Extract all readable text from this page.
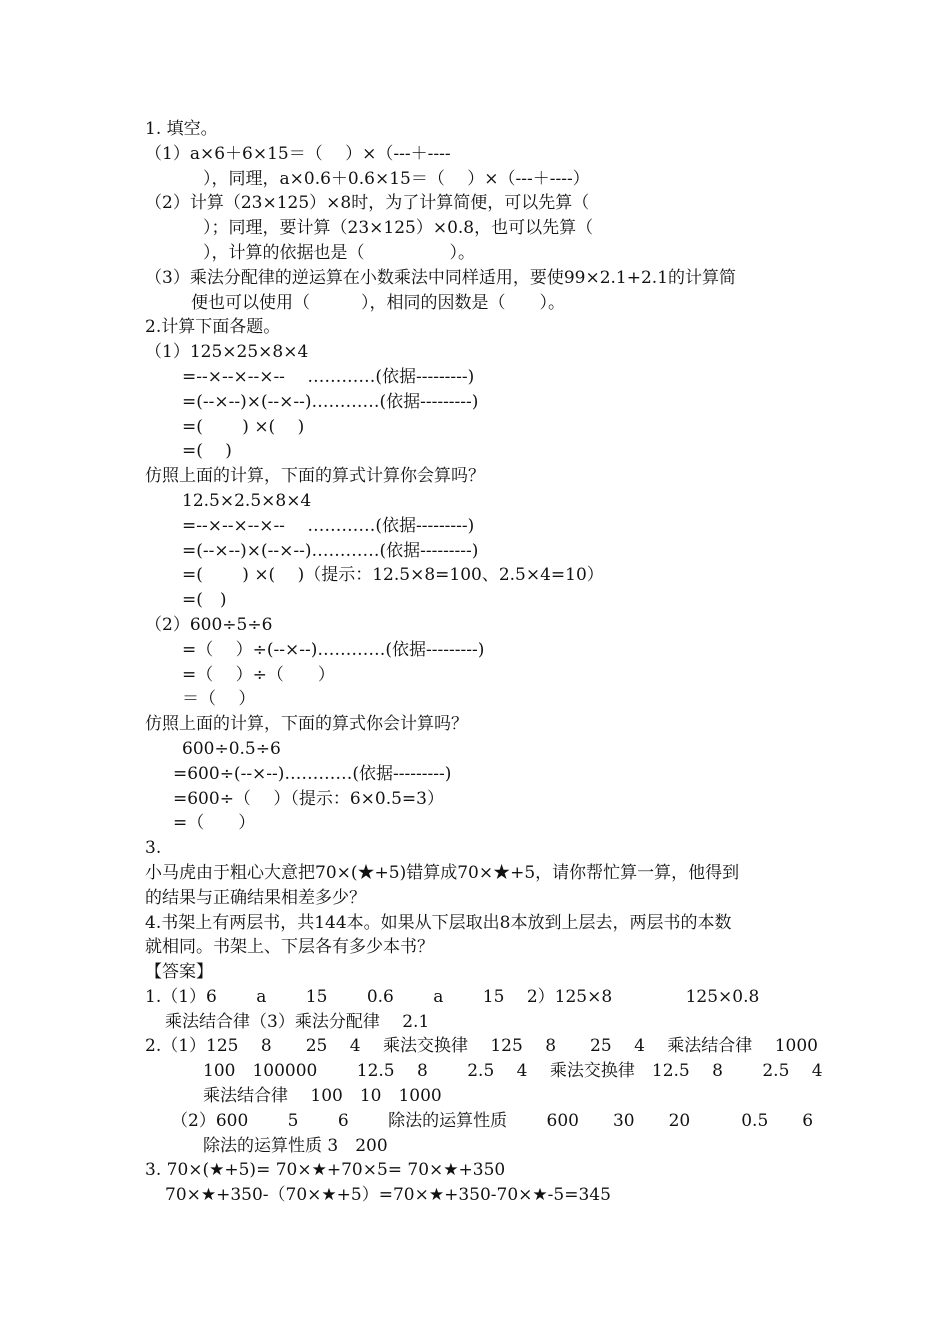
1. 填空。
（1）a×6＋6×15＝（　 ）×（---＋----
），同理，a×0.6＋0.6×15＝（　 ）×（---＋----）
（2）计算（23×125）×8时，为了计算简便，可以先算（
）；同理，要计算（23×125）×0.8，也可以先算（
），计算的依据也是（　　　　　）。
（3）乘法分配律的逆运算在小数乘法中同样适用，要使99×2.1+2.1的计算简
便也可以使用（　　　），相同的因数是（　　）。
2.计算下面各题。
（1）125×25×8×4
=--×--×--×--　 …………(依据---------)
=(--×--)×(--×--)…………(依据---------)
=(　　 ) ×(　 )
=(　 )
仿照上面的计算，下面的算式计算你会算吗？
12.5×2.5×8×4
=--×--×--×--　 …………(依据---------)
=(--×--)×(--×--)…………(依据---------)
=(　　 ) ×(　 )（提示：12.5×8=100、2.5×4=10）
=(　)
（2）600÷5÷6
=（　 ）÷(--×--)…………(依据---------)
=（　 ）÷（　　）
＝（　 ）
仿照上面的计算，下面的算式你会计算吗？
600÷0.5÷6
=600÷(--×--)…………(依据---------)
=600÷（　 ）（提示：6×0.5=3）
=（　　）
3.
小马虎由于粗心大意把70×(★+5)错算成70×★+5，请你帮忙算一算，他得到
的结果与正确结果相差多少？
4.书架上有两层书，共144本。如果从下层取出8本放到上层去，两层书的本数
就相同。书架上、下层各有多少本书？
【答案】
1.（1）6　　 a　　 15　　 0.6　　 a　　 15　 2）125×8　　　　 125×0.8
乘法结合律（3）乘法分配律　 2.1
2.（1）125　 8　　25　 4　 乘法交换律　 125　 8　　25　 4　 乘法结合律　 1000
100　100000　　 12.5　 8　　 2.5　 4　 乘法交换律　12.5　 8　　 2.5　 4
乘法结合律　 100　10　1000
（2）600　　 5　　 6　　 除法的运算性质　　 600　　30　　20　　　0.5　　6
除法的运算性质 3　200
3. 70×(★+5)= 70×★+70×5= 70×★+350
70×★+350-（70×★+5）=70×★+350-70×★-5=345
